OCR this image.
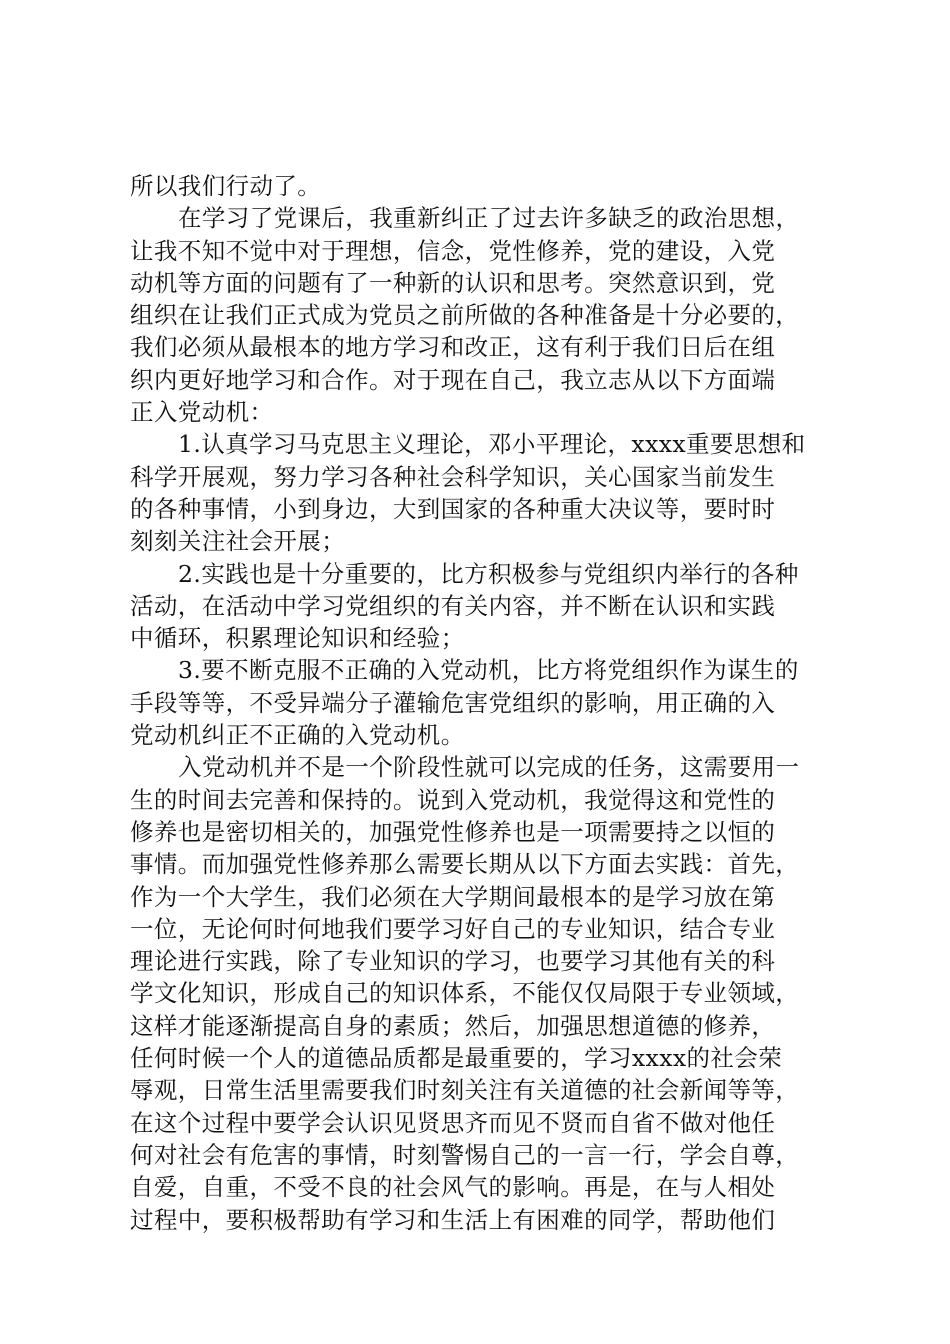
所以我们行动了。
在学习了党课后，我重新纠正了过去许多缺乏的政治思想，
让我不知不觉中对于理想，信念，党性修养，党的建设，入党
动机等方面的问题有了一种新的认识和思考。突然意识到，党
组织在让我们正式成为党员之前所做的各种准备是十分必要的，
我们必须从最根本的地方学习和改正，这有利于我们日后在组
织内更好地学习和合作。对于现在自己，我立志从以下方面端
正入党动机：
1.认真学习马克思主义理论，邓小平理论，xxxx重要思想和
科学开展观，努力学习各种社会科学知识，关心国家当前发生
的各种事情，小到身边，大到国家的各种重大决议等，要时时
刻刻关注社会开展；
2.实践也是十分重要的，比方积极参与党组织内举行的各种
活动，在活动中学习党组织的有关内容，并不断在认识和实践
中循环，积累理论知识和经验；
3.要不断克服不正确的入党动机，比方将党组织作为谋生的
手段等等，不受异端分子灌输危害党组织的影响，用正确的入
党动机纠正不正确的入党动机。
入党动机并不是一个阶段性就可以完成的任务，这需要用一
生的时间去完善和保持的。说到入党动机，我觉得这和党性的
修养也是密切相关的，加强党性修养也是一项需要持之以恒的
事情。而加强党性修养那么需要长期从以下方面去实践：首先，
作为一个大学生，我们必须在大学期间最根本的是学习放在第
一位，无论何时何地我们要学习好自己的专业知识，结合专业
理论进行实践，除了专业知识的学习，也要学习其他有关的科
学文化知识，形成自己的知识体系，不能仅仅局限于专业领域，
这样才能逐渐提高自身的素质；然后，加强思想道德的修养，
任何时候一个人的道德品质都是最重要的，学习xxxx的社会荣
辱观，日常生活里需要我们时刻关注有关道德的社会新闻等等，
在这个过程中要学会认识见贤思齐而见不贤而自省不做对他任
何对社会有危害的事情，时刻警惕自己的一言一行，学会自尊，
自爱，自重，不受不良的社会风气的影响。再是，在与人相处
过程中，要积极帮助有学习和生活上有困难的同学，帮助他们
